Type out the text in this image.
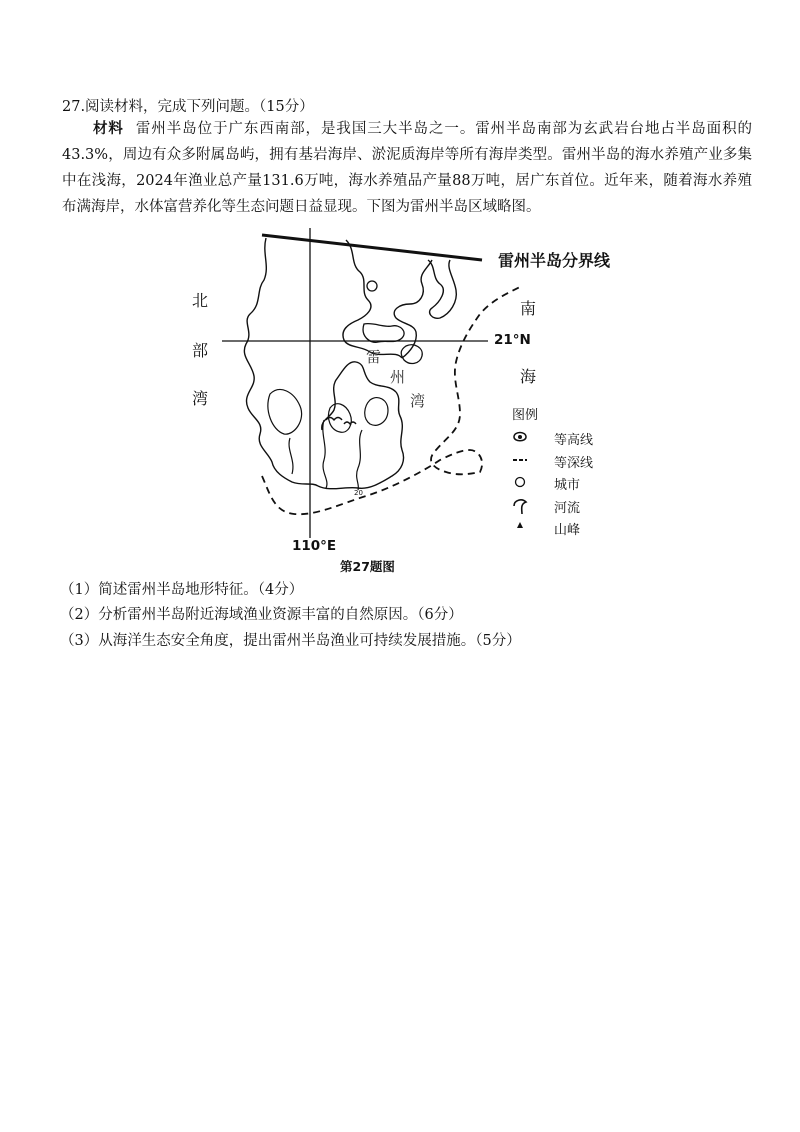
27.阅读材料，完成下列问题。（15分）
材料 雷州半岛位于广东西南部，是我国三大半岛之一。雷州半岛南部为玄武岩台地占半岛面积的43.3%，周边有众多附属岛屿，拥有基岩海岸、淤泥质海岸等所有海岸类型。雷州半岛的海水养殖产业多集中在浅海，2024年渔业总产量131.6万吨，海水养殖品产量88万吨，居广东首位。近年来，随着海水养殖布满海岸，水体富营养化等生态问题日益显现。下图为雷州半岛区域略图。
雷州半岛分界线
北
部
湾
南
海
雷
州
湾
21°N
110°E
20
图例
等高线
等深线
城市
河流
山峰
第27题图
（1）简述雷州半岛地形特征。（4分）
（2）分析雷州半岛附近海域渔业资源丰富的自然原因。（6分）
（3）从海洋生态安全角度，提出雷州半岛渔业可持续发展措施。（5分）
